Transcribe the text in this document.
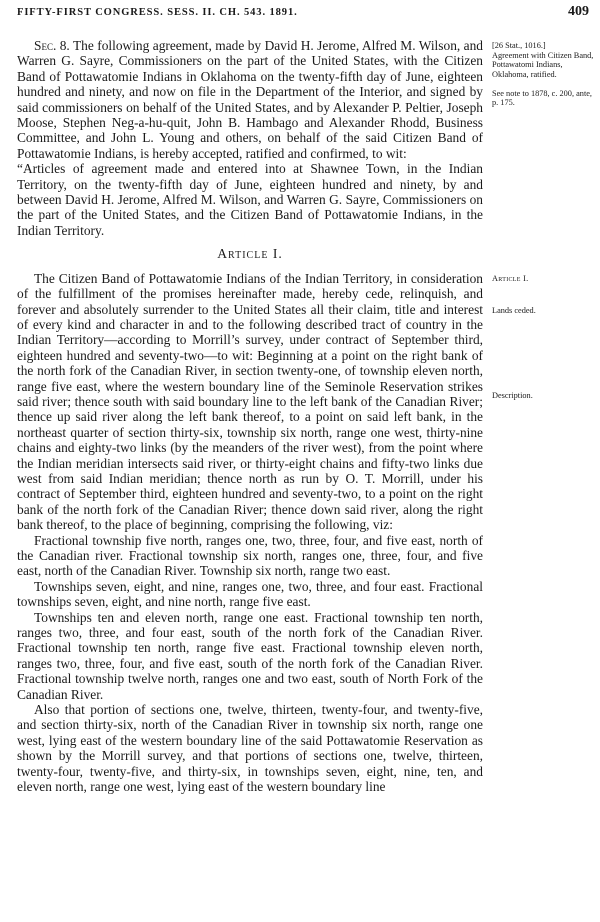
FIFTY-FIRST CONGRESS. SESS. II. CH. 543. 1891.	409

Sec. 8. The following agreement, made by David H. Jerome, Alfred M. Wilson, and Warren G. Sayre, Commissioners on the part of the United States, with the Citizen Band of Pottawatomie Indians in Oklahoma on the twenty-fifth day of June, eighteen hundred and ninety, and now on file in the Department of the Interior, and signed by said commissioners on behalf of the United States, and by Alexander P. Peltier, Joseph Moose, Stephen Neg-a-hu-quit, John B. Hambago and Alexander Rhodd, Business Committee, and John L. Young and others, on behalf of the said Citizen Band of Pottawatomie Indians, is hereby accepted, ratified and confirmed, to wit:

“Articles of agreement made and entered into at Shawnee Town, in the Indian Territory, on the twenty-fifth day of June, eighteen hundred and ninety, by and between David H. Jerome, Alfred M. Wilson, and Warren G. Sayre, Commissioners on the part of the United States, and the Citizen Band of Pottawatomie Indians, in the Indian Territory.

Article I.

The Citizen Band of Pottawatomie Indians of the Indian Territory, in consideration of the fulfillment of the promises hereinafter made, hereby cede, relinquish, and forever and absolutely surrender to the United States all their claim, title and interest of every kind and character in and to the following described tract of country in the Indian Territory—according to Morrill’s survey, under contract of September third, eighteen hundred and seventy-two—to wit: Beginning at a point on the right bank of the north fork of the Canadian River, in section twenty-one, of township eleven north, range five east, where the western boundary line of the Seminole Reservation strikes said river; thence south with said boundary line to the left bank of the Canadian River; thence up said river along the left bank thereof, to a point on said left bank, in the northeast quarter of section thirty-six, township six north, range one west, thirty-nine chains and eighty-two links (by the meanders of the river west), from the point where the Indian meridian intersects said river, or thirty-eight chains and fifty-two links due west from said Indian meridian; thence north as run by O. T. Morrill, under his contract of September third, eighteen hundred and seventy-two, to a point on the right bank of the north fork of the Canadian River; thence down said river, along the right bank thereof, to the place of beginning, comprising the following, viz:

Fractional township five north, ranges one, two, three, four, and five east, north of the Canadian river. Fractional township six north, ranges one, three, four, and five east, north of the Canadian River. Township six north, range two east.

Townships seven, eight, and nine, ranges one, two, three, and four east. Fractional townships seven, eight, and nine north, range five east.

Townships ten and eleven north, range one east. Fractional township ten north, ranges two, three, and four east, south of the north fork of the Canadian River. Fractional township ten north, range five east. Fractional township eleven north, ranges two, three, four, and five east, south of the north fork of the Canadian River. Fractional township twelve north, ranges one and two east, south of North Fork of the Canadian River.

Also that portion of sections one, twelve, thirteen, twenty-four, and twenty-five, and section thirty-six, north of the Canadian River in township six north, range one west, lying east of the western boundary line of the said Pottawatomie Reservation as shown by the Morrill survey, and that portions of sections one, twelve, thirteen, twenty-four, twenty-five, and thirty-six, in townships seven, eight, nine, ten, and eleven north, range one west, lying east of the western boundary line

[26 Stat., 1016.]
Agreement with Citizen Band, Pottawatomi Indians, Oklahoma, ratified.
See note to 1878, c. 200, ante, p. 175.
Article I.
Lands ceded.
Description.
